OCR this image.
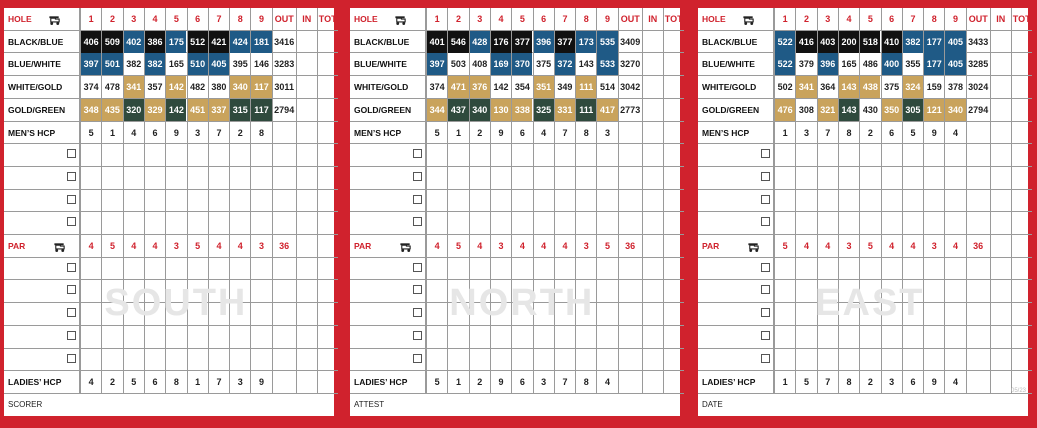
HOLE	1	2	3	4	5	6	7	8	9	OUT IN TOT
BLACK/BLUE	406 509 402 386 175 512 421 424 181 3416
BLUE/WHITE	397 501 382 382 165 510 405 395 146 3283
WHITE/GOLD	374 478 341 357 142 482 380 340 117 3011
GOLD/GREEN	348 435 320 329 142 451 337 315 117 2794
MEN’S HCP	5	1	4	6	9	3	7	2	8
PAR	4	5	4	4	3	5	4	4	3	36
LADIES’ HCP	4	2	5	6	8	1	7	3	9
SOUTH
SCORER
HOLE	1	2	3	4	5	6	7	8	9	OUT IN TOT
BLACK/BLUE	401 546 428 176 377 396 377 173 535 3409
BLUE/WHITE	397 503 408 169 370 375 372 143 533 3270
WHITE/GOLD	374 471 376 142 354 351 349 111 514 3042
GOLD/GREEN	344 437 340 130 338 325 331 111 417 2773
MEN’S HCP	5	1	2	9	6	4	7	8	3
PAR	4	5	4	3	4	4	4	3	5	36
LADIES’ HCP	5	1	2	9	6	3	7	8	4
NORTH
ATTEST
HOLE	1	2	3	4	5	6	7	8	9	OUT IN TOT
BLACK/BLUE	522 416 403 200 518 410 382 177 405 3433
BLUE/WHITE	522 379 396 165 486 400 355 177 405 3285
WHITE/GOLD	502 341 364 143 438 375 324 159 378 3024
GOLD/GREEN	476 308 321 143 430 350 305 121 340 2794
MEN’S HCP	1	3	7	8	2	6	5	9	4
PAR	5	4	4	3	5	4	4	3	4	36
LADIES’ HCP	1	5	7	8	2	3	6	9	4
EAST
DATE
05/23
